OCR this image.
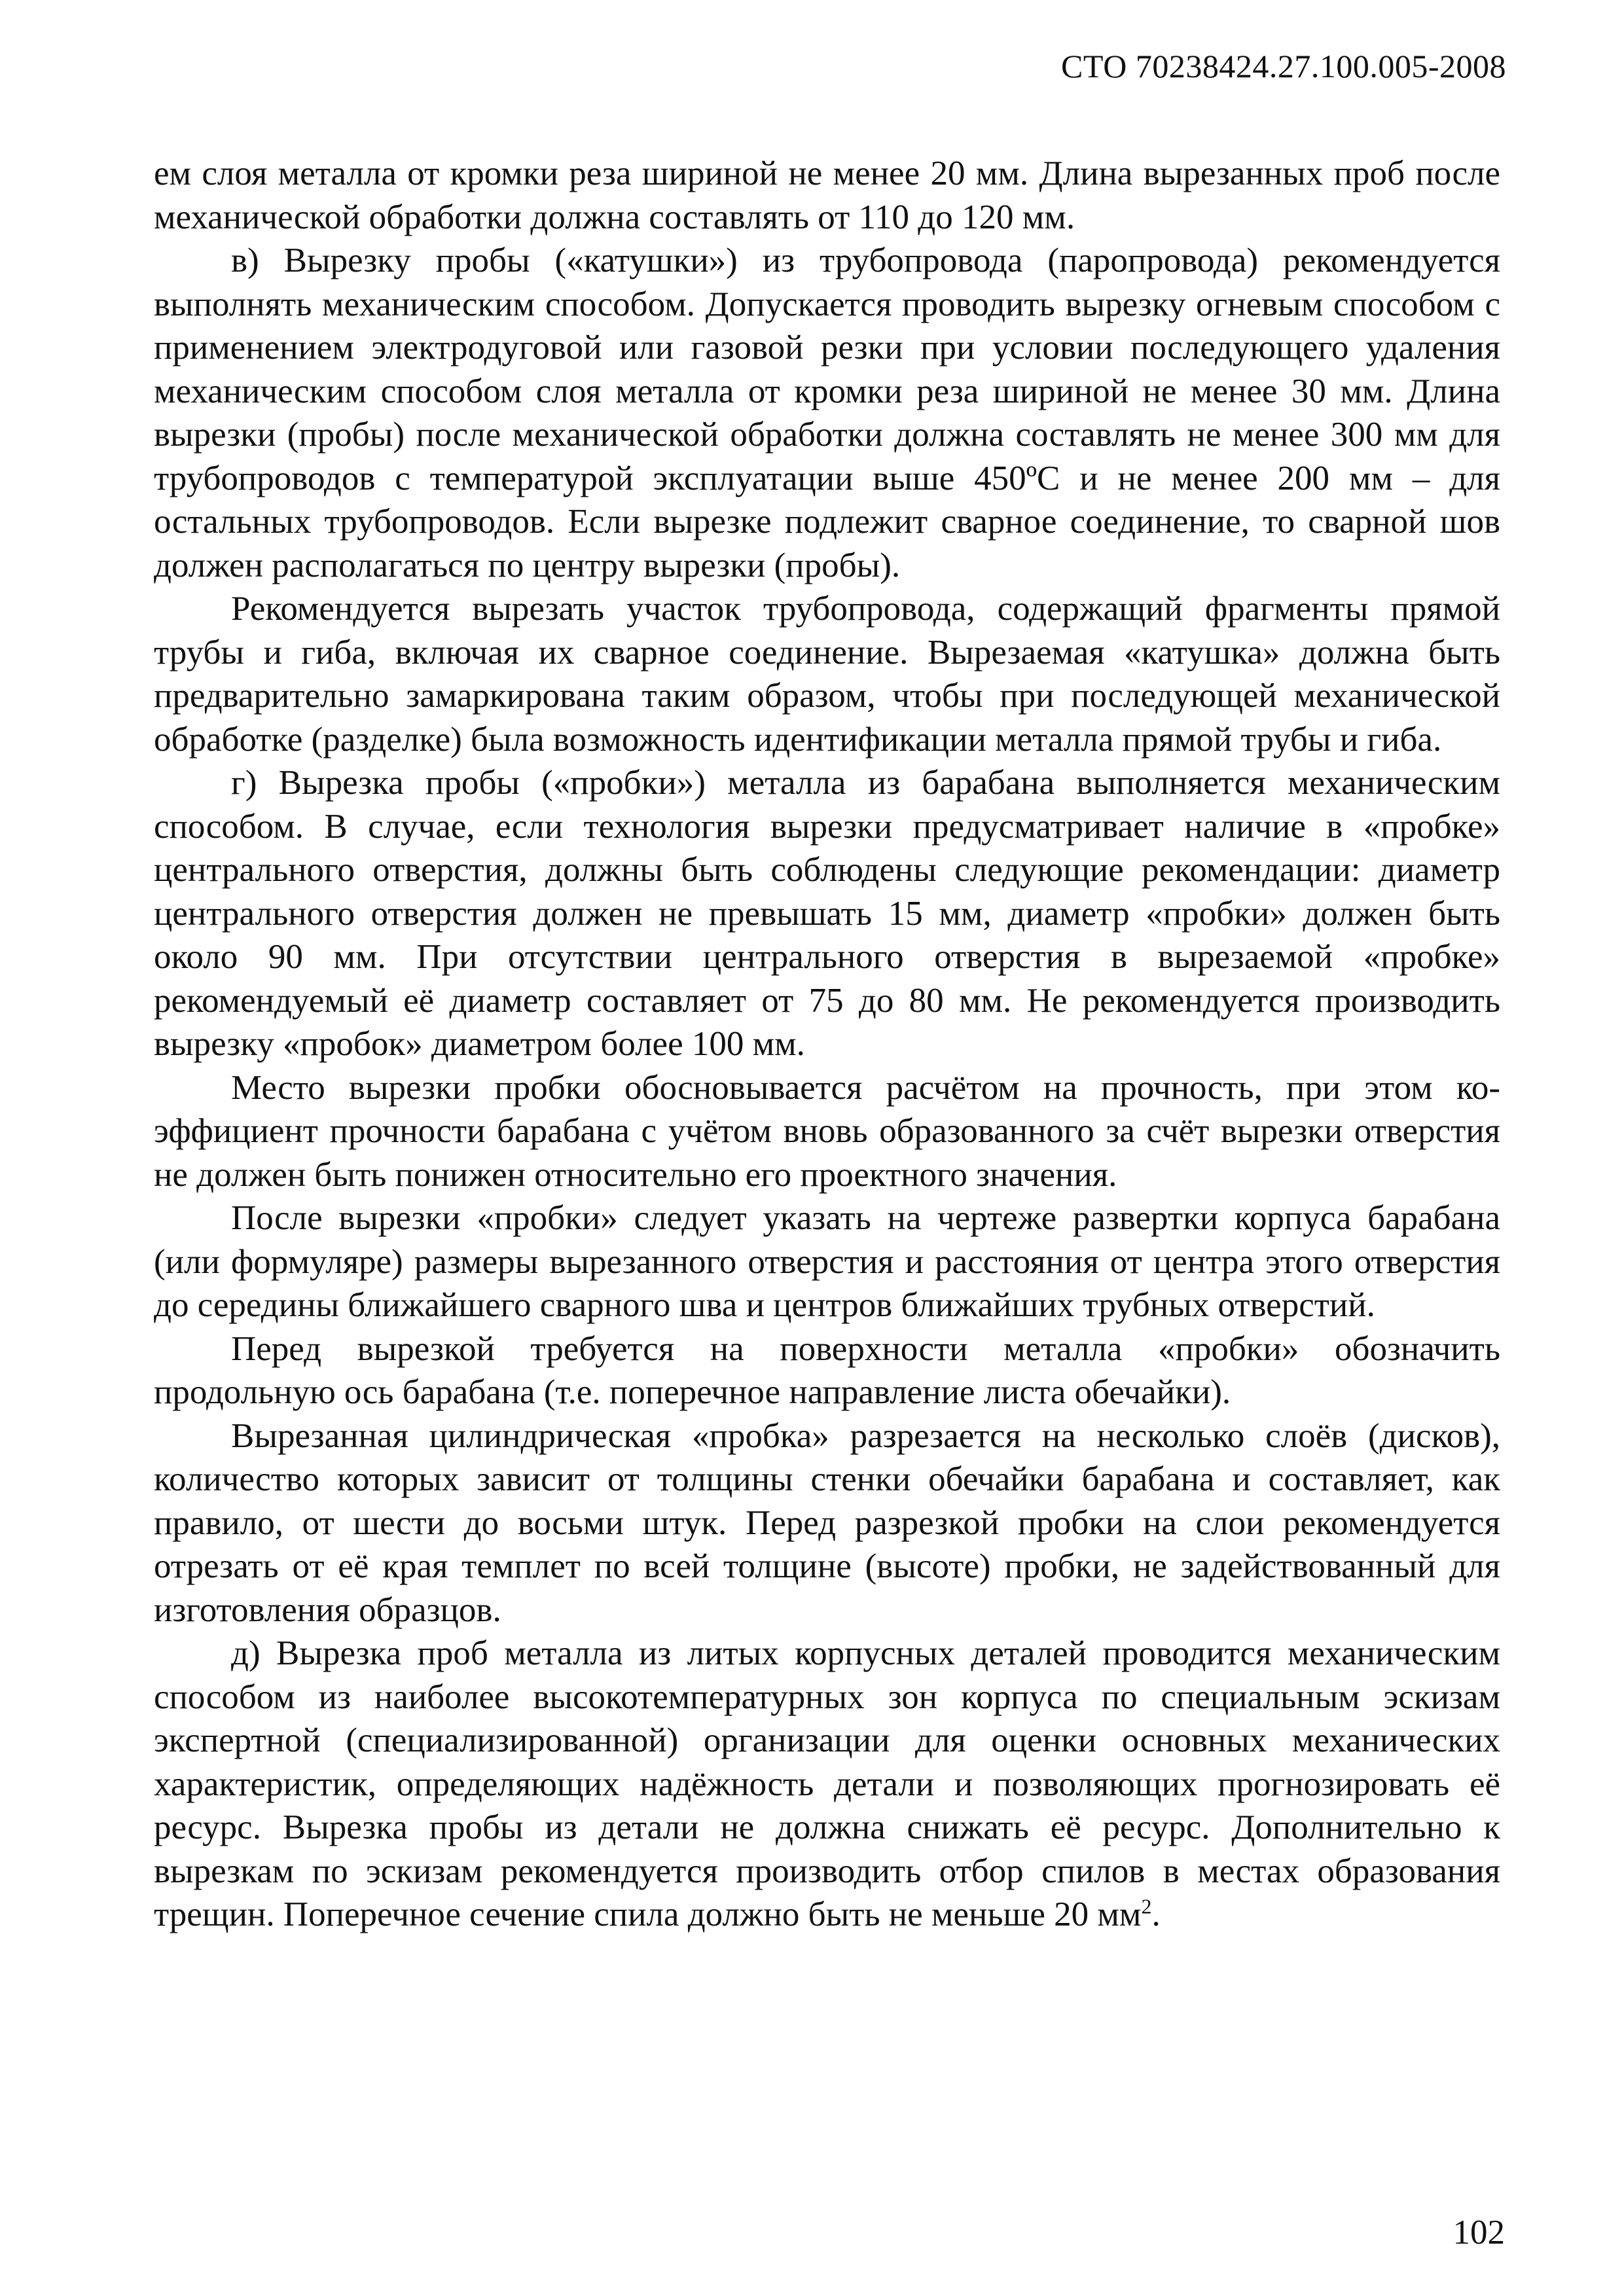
СТО 70238424.27.100.005-2008

ем слоя металла от кромки реза шириной не менее 20 мм. Длина вырезанных проб после механической обработки должна составлять от 110 до 120 мм.

в) Вырезку пробы («катушки») из трубопровода (паропровода) рекомендуется выполнять механическим способом. Допускается проводить вырезку огневым способом с применением электродуговой или газовой резки при условии последующего удаления механическим способом слоя металла от кромки реза шириной не менее 30 мм. Длина вырезки (пробы) после механической обработки должна составлять не менее 300 мм для трубопроводов с температурой эксплуатации выше 450ºС и не менее 200 мм – для остальных трубопроводов. Если вырезке подлежит сварное соединение, то сварной шов должен располагаться по центру вырезки (пробы).

Рекомендуется вырезать участок трубопровода, содержащий фрагменты прямой трубы и гиба, включая их сварное соединение. Вырезаемая «катушка» должна быть предварительно замаркирована таким образом, чтобы при последующей механической обработке (разделке) была возможность идентификации металла прямой трубы и гиба.

г) Вырезка пробы («пробки») металла из барабана выполняется механическим способом. В случае, если технология вырезки предусматривает наличие в «пробке» центрального отверстия, должны быть соблюдены следующие рекомендации: диаметр центрального отверстия должен не превышать 15 мм, диаметр «пробки» должен быть около 90 мм. При отсутствии центрального отверстия в вырезаемой «пробке» рекомендуемый её диаметр составляет от 75 до 80 мм. Не рекомендуется производить вырезку «пробок» диаметром более 100 мм.

Место вырезки пробки обосновывается расчётом на прочность, при этом коэффициент прочности барабана с учётом вновь образованного за счёт вырезки отверстия не должен быть понижен относительно его проектного значения.

После вырезки «пробки» следует указать на чертеже развертки корпуса барабана (или формуляре) размеры вырезанного отверстия и расстояния от центра этого отверстия до середины ближайшего сварного шва и центров ближайших трубных отверстий.

Перед вырезкой требуется на поверхности металла «пробки» обозначить продольную ось барабана (т.е. поперечное направление листа обечайки).

Вырезанная цилиндрическая «пробка» разрезается на несколько слоёв (дисков), количество которых зависит от толщины стенки обечайки барабана и составляет, как правило, от шести до восьми штук. Перед разрезкой пробки на слои рекомендуется отрезать от её края темплет по всей толщине (высоте) пробки, не задействованный для изготовления образцов.

д) Вырезка проб металла из литых корпусных деталей проводится механическим способом из наиболее высокотемпературных зон корпуса по специальным эскизам экспертной (специализированной) организации для оценки основных механических характеристик, определяющих надёжность детали и позволяющих прогнозировать её ресурс. Вырезка пробы из детали не должна снижать её ресурс. Дополнительно к вырезкам по эскизам рекомендуется производить отбор спилов в местах образования трещин. Поперечное сечение спила должно быть не меньше 20 $мм^2$.

102
